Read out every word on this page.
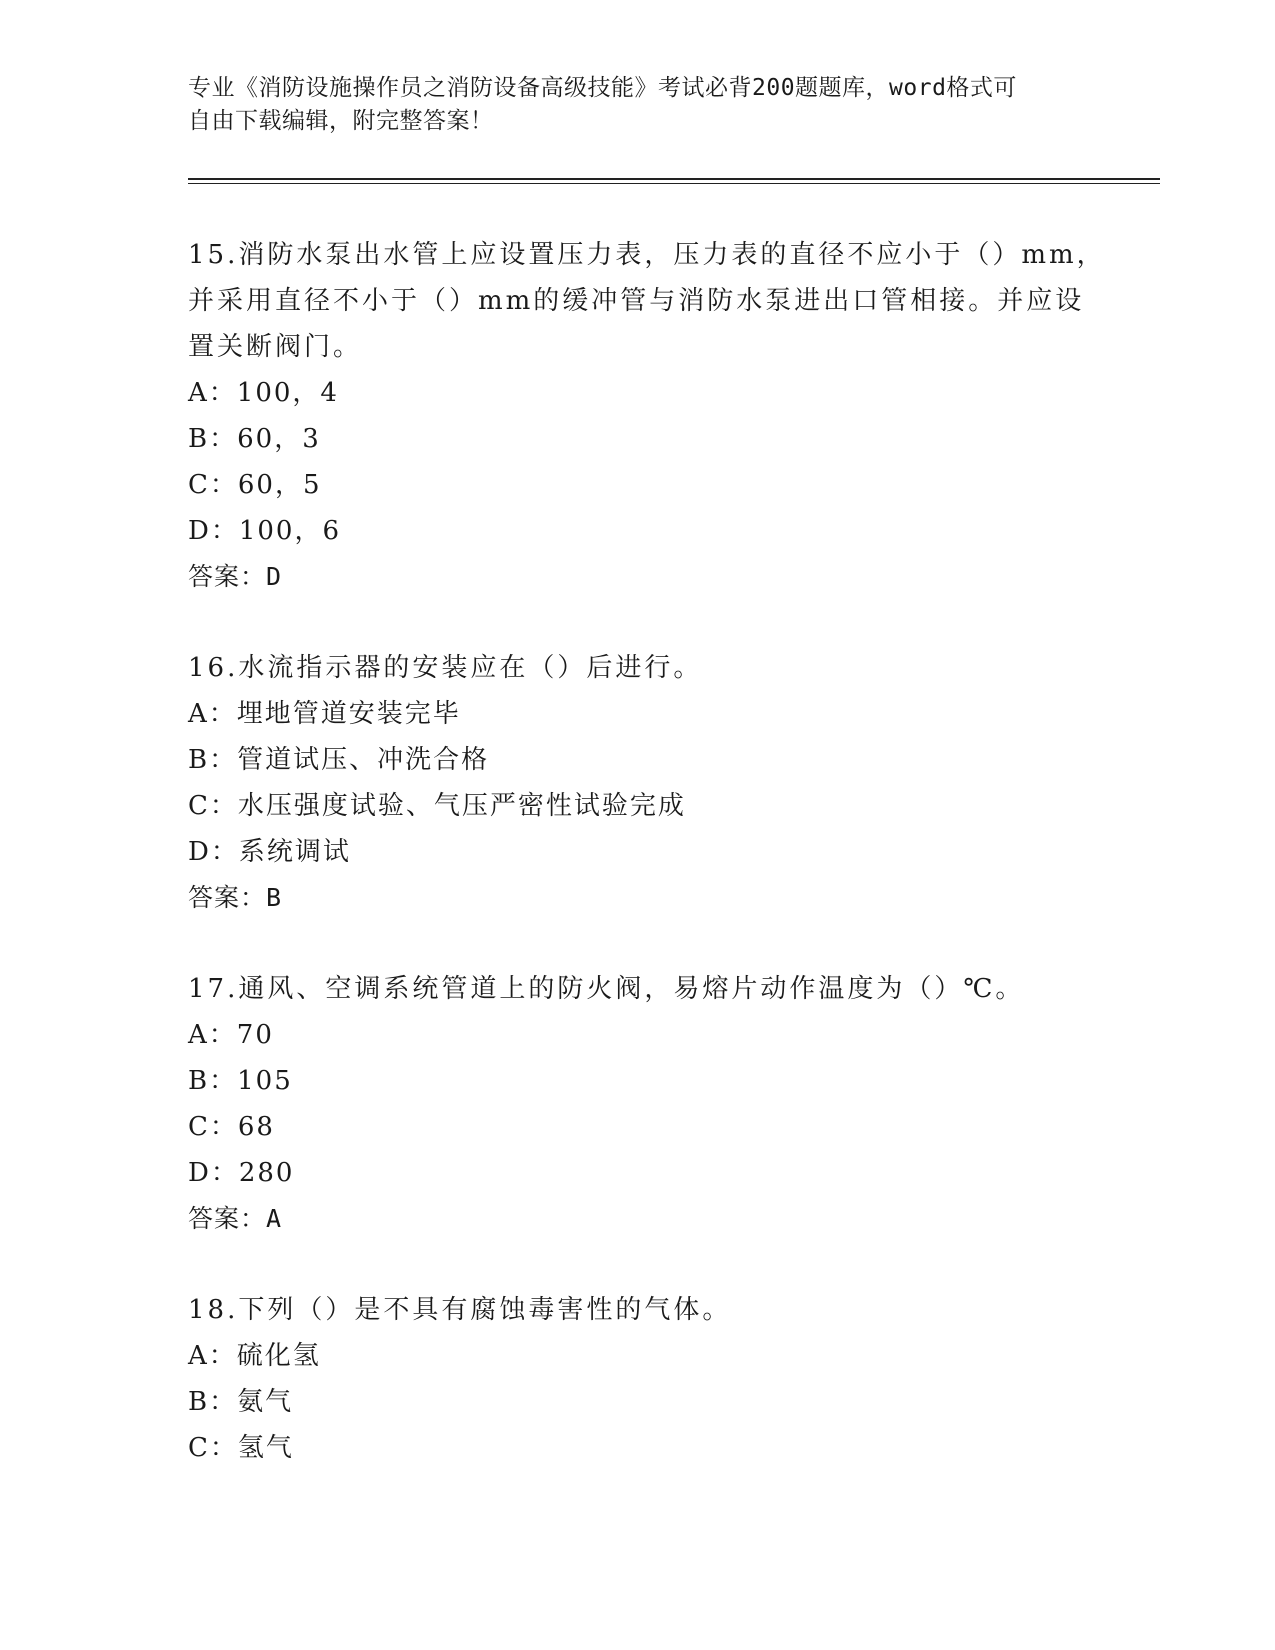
专业《消防设施操作员之消防设备高级技能》考试必背200题题库，word格式可
自由下载编辑，附完整答案！
15.消防水泵出水管上应设置压力表，压力表的直径不应小于（）mm，
并采用直径不小于（）mm的缓冲管与消防水泵进出口管相接。并应设
置关断阀门。
A：100，4
B：60，3
C：60，5
D：100，6
答案：D
16.水流指示器的安装应在（）后进行。
A：埋地管道安装完毕
B：管道试压、冲洗合格
C：水压强度试验、气压严密性试验完成
D：系统调试
答案：B
17.通风、空调系统管道上的防火阀，易熔片动作温度为（）℃。
A：70
B：105
C：68
D：280
答案：A
18.下列（）是不具有腐蚀毒害性的气体。
A：硫化氢
B：氨气
C：氢气
